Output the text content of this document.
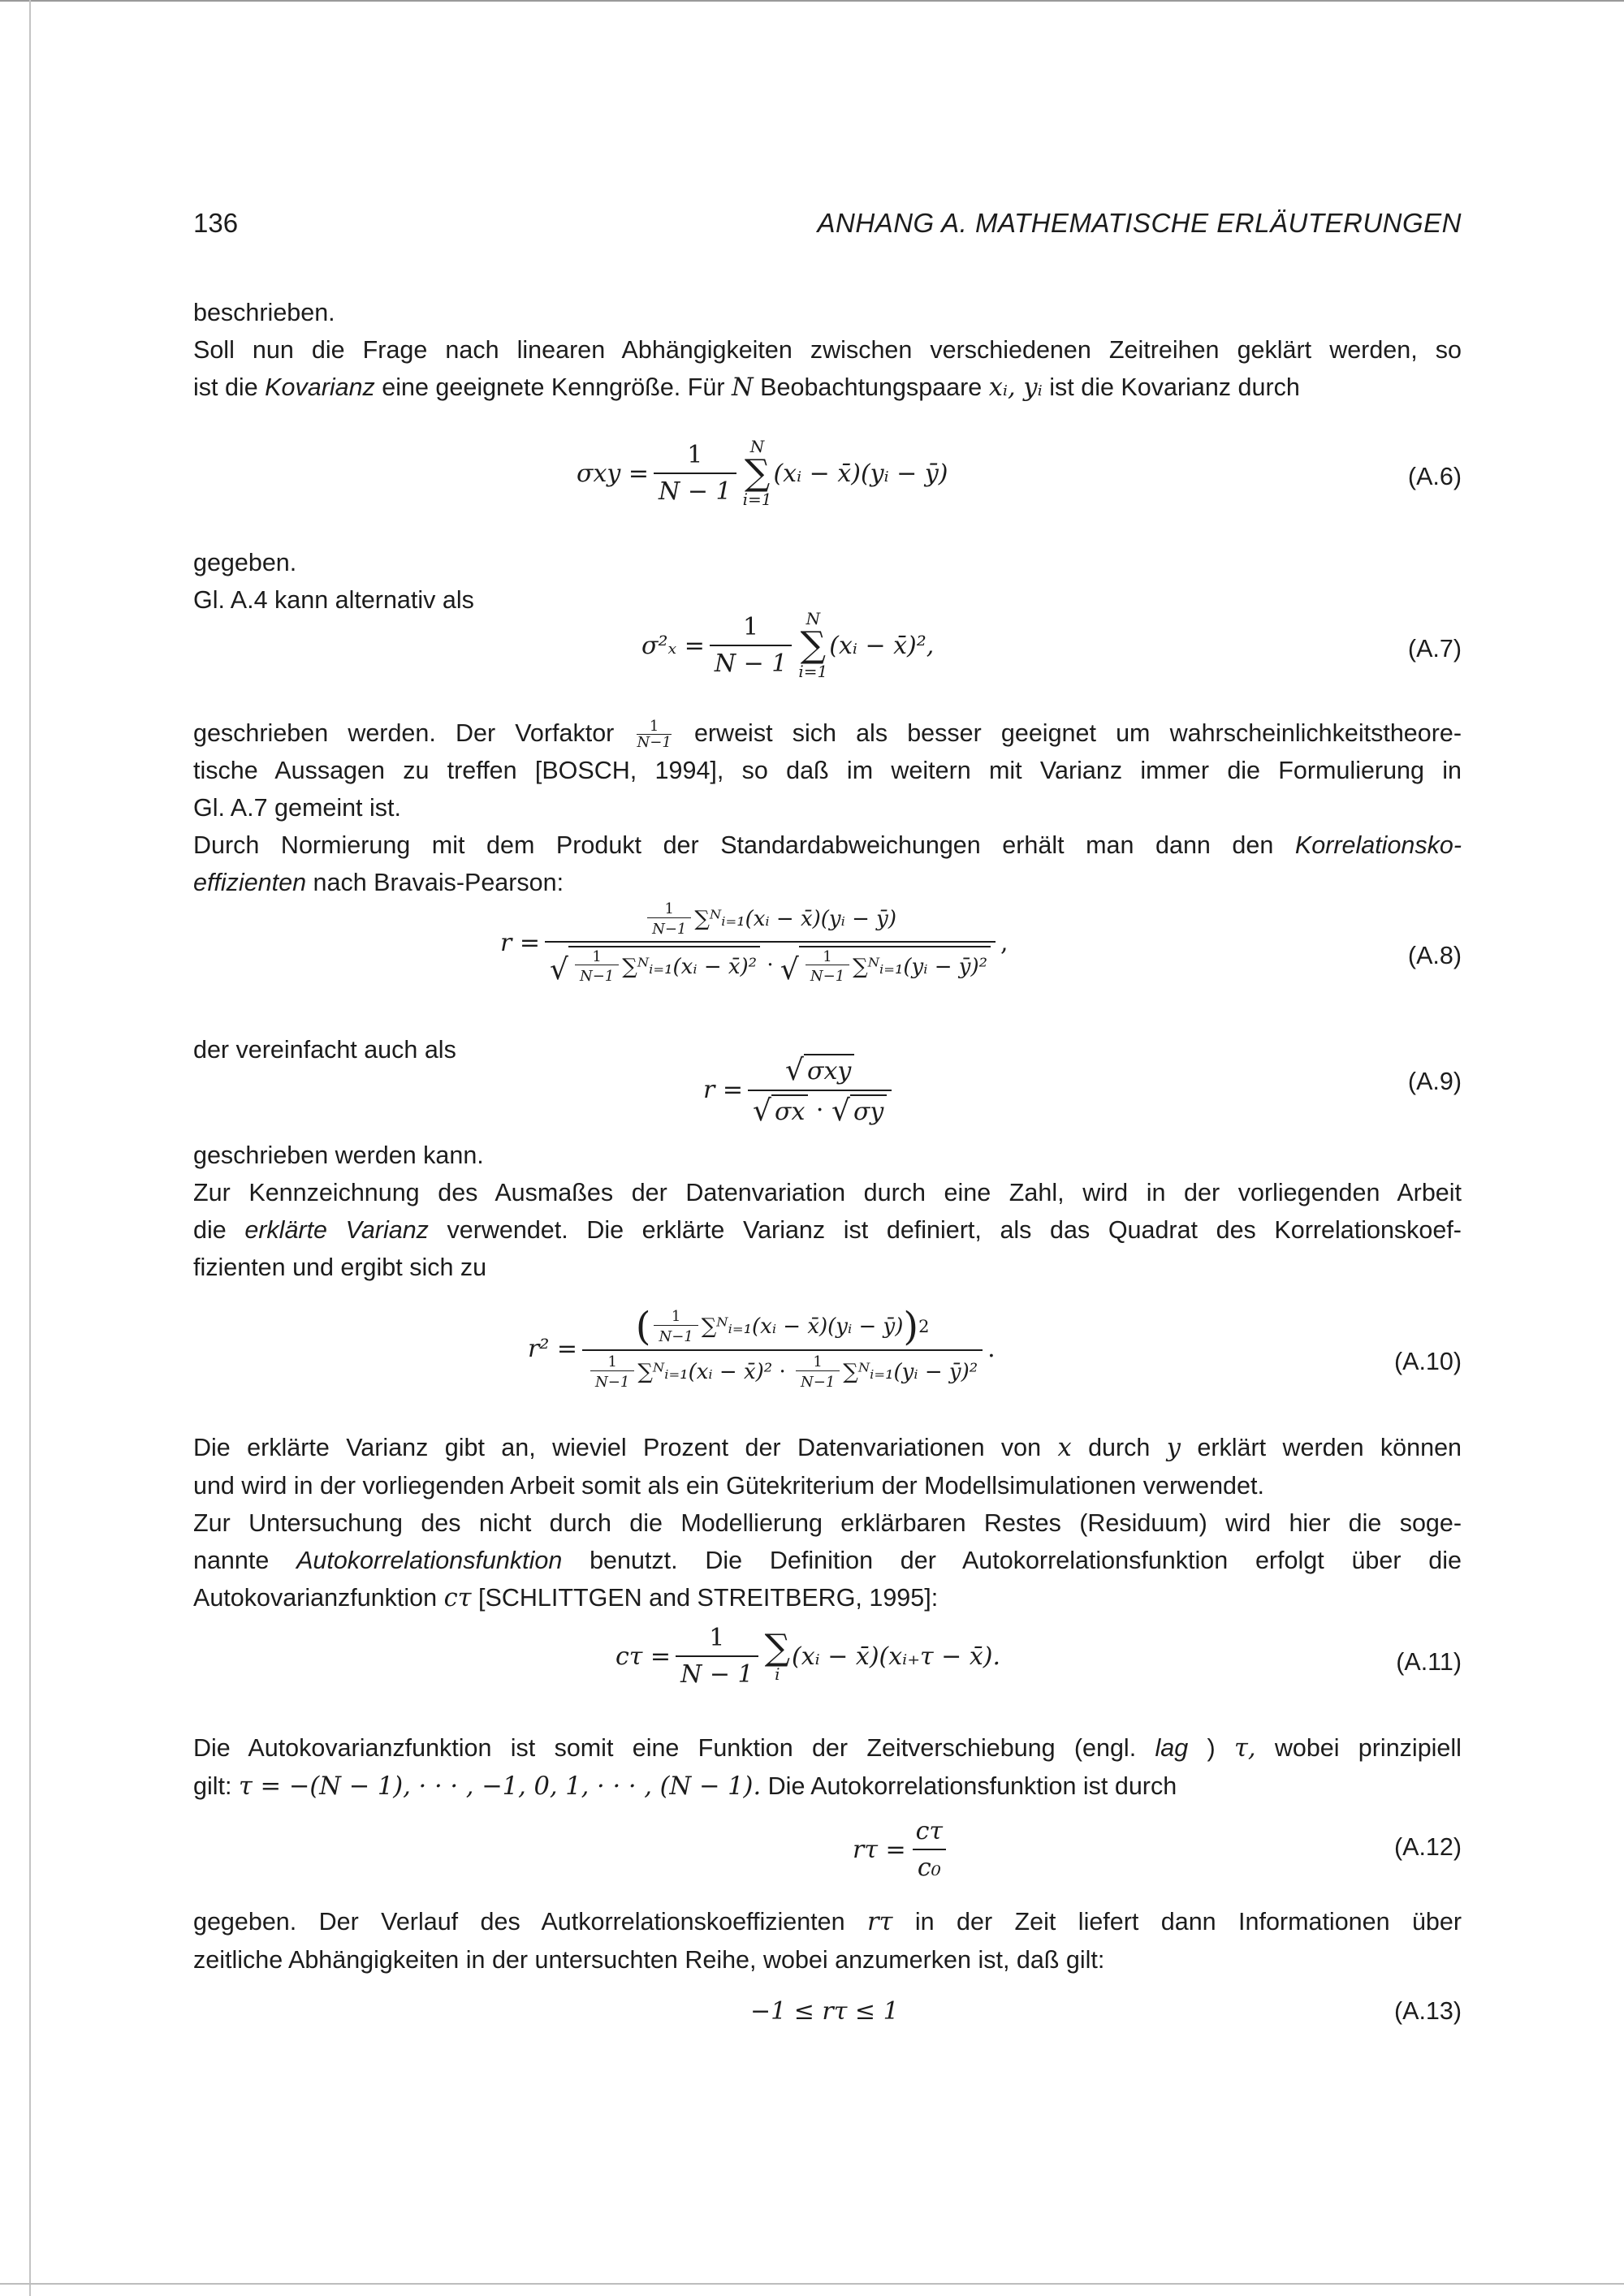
136	ANHANG A. MATHEMATISCHE ERLÄUTERUNGEN
beschrieben.
Soll nun die Frage nach linearen Abhängigkeiten zwischen verschiedenen Zeitreihen geklärt werden, so
ist die Kovarianz eine geeignete Kenngröße. Für N Beobachtungspaare xᵢ, yᵢ ist die Kovarianz durch
$\sigma xy = \frac{1}{N - 1}$ N
∑
i=1
(xᵢ − x̄)(yᵢ − ȳ)	(A.6)
gegeben.
Gl. A.4 kann alternativ als
$\sigma^2_x = \frac{1}{N - 1}$ N
∑
i=1
(xᵢ − x̄)²,	(A.7)
geschrieben werden. Der Vorfaktor $\frac{1}{N-1}$ erweist sich als besser geeignet um wahrscheinlichkeitstheore-
tische Aussagen zu treffen [BOSCH, 1994], so daß im weitern mit Varianz immer die Formulierung in
Gl. A.7 gemeint ist.
Durch Normierung mit dem Produkt der Standardabweichungen erhält man dann den Korrelationsko-
effizienten nach Bravais-Pearson:
r =
$\frac{1}{N-1}$ ∑ᴺᵢ₌₁(xᵢ − x̄)(yᵢ − ȳ)
√ $\frac{1}{N-1}$ ∑ᴺᵢ₌₁(xᵢ − x̄)² · √ $\frac{1}{N-1}$ ∑ᴺᵢ₌₁(yᵢ − ȳ)²
,	(A.8)
der vereinfacht auch als
$r = \frac{\text{√ σxy}}{√ \sigma x \cdot √ \sigma y}$	(A.9)
geschrieben werden kann.
Zur Kennzeichnung des Ausmaßes der Datenvariation durch eine Zahl, wird in der vorliegenden Arbeit
die erklärte Varianz verwendet. Die erklärte Varianz ist definiert, als das Quadrat des Korrelationskoef-
fizienten und ergibt sich zu
r² = ( $\frac{1}{N-1}$ ∑ᴺᵢ₌₁(xᵢ − x̄)(yᵢ − ȳ) ) 2
$\frac{1}{N-1}$ ∑ᴺᵢ₌₁(xᵢ − x̄)² · $\frac{1}{N-1}$ ∑ᴺᵢ₌₁(yᵢ − ȳ)²
.	(A.10)
Die erklärte Varianz gibt an, wieviel Prozent der Datenvariationen von x durch y erklärt werden können
und wird in der vorliegenden Arbeit somit als ein Gütekriterium der Modellsimulationen verwendet.
Zur Untersuchung des nicht durch die Modellierung erklärbaren Restes (Residuum) wird hier die soge-
nannte Autokorrelationsfunktion benutzt. Die Definition der Autokorrelationsfunktion erfolgt über die
Autokovarianzfunktion cτ [SCHLITTGEN and STREITBERG, 1995]:
$c\tau = \frac{1}{N - 1}$ ∑
i
(xᵢ − x̄)(xᵢ₊τ − x̄).	(A.11)
Die Autokovarianzfunktion ist somit eine Funktion der Zeitverschiebung (engl. lag ) τ, wobei prinzipiell
gilt: τ = −(N − 1), · · · , −1, 0, 1, · · · , (N − 1). Die Autokorrelationsfunktion ist durch
$r\tau = \frac{c\tau}{\text{c₀}}$	(A.12)
gegeben. Der Verlauf des Autkorrelationskoeffizienten rτ in der Zeit liefert dann Informationen über
zeitliche Abhängigkeiten in der untersuchten Reihe, wobei anzumerken ist, daß gilt:
−1 ≤ rτ ≤ 1	(A.13)
